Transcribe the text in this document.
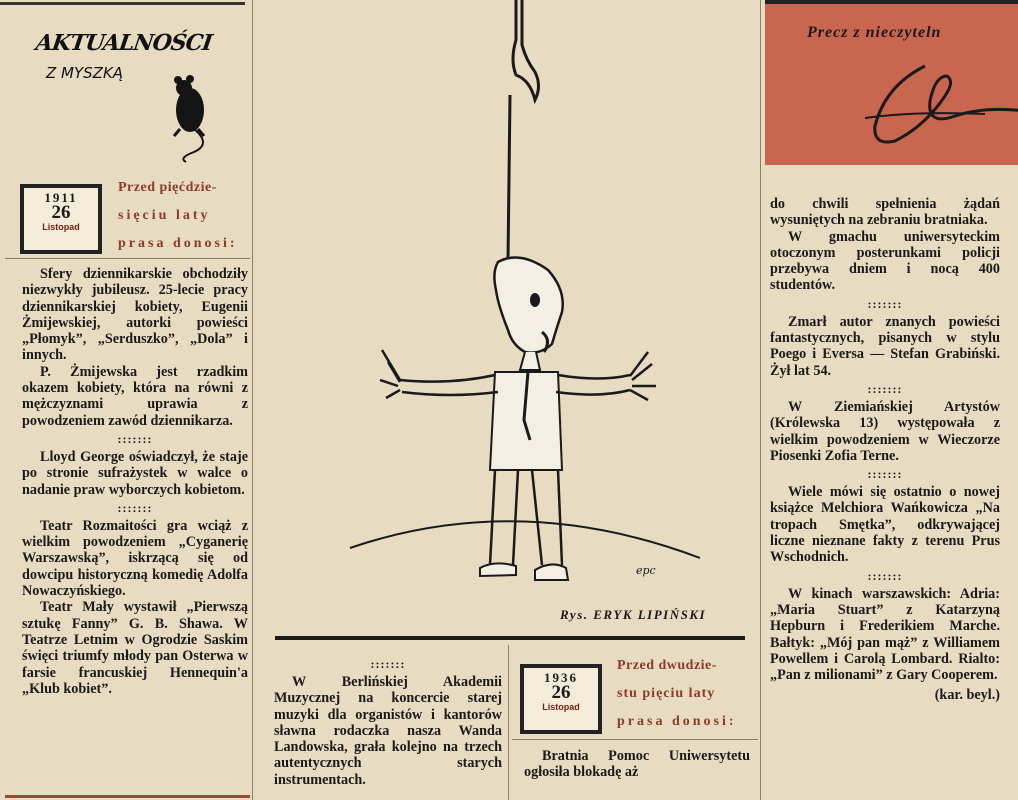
AKTUALNOŚCI
Z MYSZKĄ
1911
26
Listopad
Przed pięćdzie-
sięciu laty
prasa donosi:

Sfery dziennikarskie obchodziły niezwykły jubileusz. 25-lecie pracy dziennikarskiej kobiety, Eugenii Żmijewskiej, autorki powieści „Płomyk”, „Serduszko”, „Dola” i innych.

P. Żmijewska jest rzadkim okazem kobiety, która na równi z mężczyznami uprawia z powodzeniem zawód dziennikarza.

:::::::

Lloyd George oświadczył, że staje po stronie sufrażystek w walce o nadanie praw wyborczych kobietom.

:::::::

Teatr Rozmaitości gra wciąż z wielkim powodzeniem „Cyganerię Warszawską”, iskrzącą się od dowcipu historyczną komedię Adolfa Nowaczyńskiego.

Teatr Mały wystawił „Pierwszą sztukę Fanny” G. B. Shawa. W Teatrze Letnim w Ogrodzie Saskim święci triumfy młody pan Osterwa w farsie francuskiej Hennequin'a „Klub kobiet”.

epc
Rys. ERYK LIPIŃSKI
:::::::

W Berlińskiej Akademii Muzycznej na koncercie starej muzyki dla organistów i kantorów sławna rodaczka nasza Wanda Landowska, grała kolejno na trzech autentycznych starych instrumentach.

1936
26
Listopad
Przed dwudzie-
stu pięciu laty
prasa donosi:

Bratnia Pomoc Uniwersytetu ogłosiła blokadę aż

Precz z nieczyteln

do chwili spełnienia żądań wysuniętych na zebraniu bratniaka.

W gmachu uniwersyteckim otoczonym posterunkami policji przebywa dniem i nocą 400 studentów.

:::::::

Zmarł autor znanych powieści fantastycznych, pisanych w stylu Poego i Eversa — Stefan Grabiński. Żył lat 54.

:::::::

W Ziemiańskiej Artystów (Królewska 13) występowała z wielkim powodzeniem w Wieczorze Piosenki Zofia Terne.

:::::::

Wiele mówi się ostatnio o nowej książce Melchiora Wańkowicza „Na tropach Smętka”, odkrywającej liczne nieznane fakty z terenu Prus Wschodnich.

:::::::

W kinach warszawskich: Adria: „Maria Stuart” z Katarzyną Hepburn i Frederikiem Marche. Bałtyk: „Mój pan mąż” z Williamem Powellem i Carolą Lombard. Rialto: „Pan z milionami” z Gary Cooperem.

(kar. beyl.)
